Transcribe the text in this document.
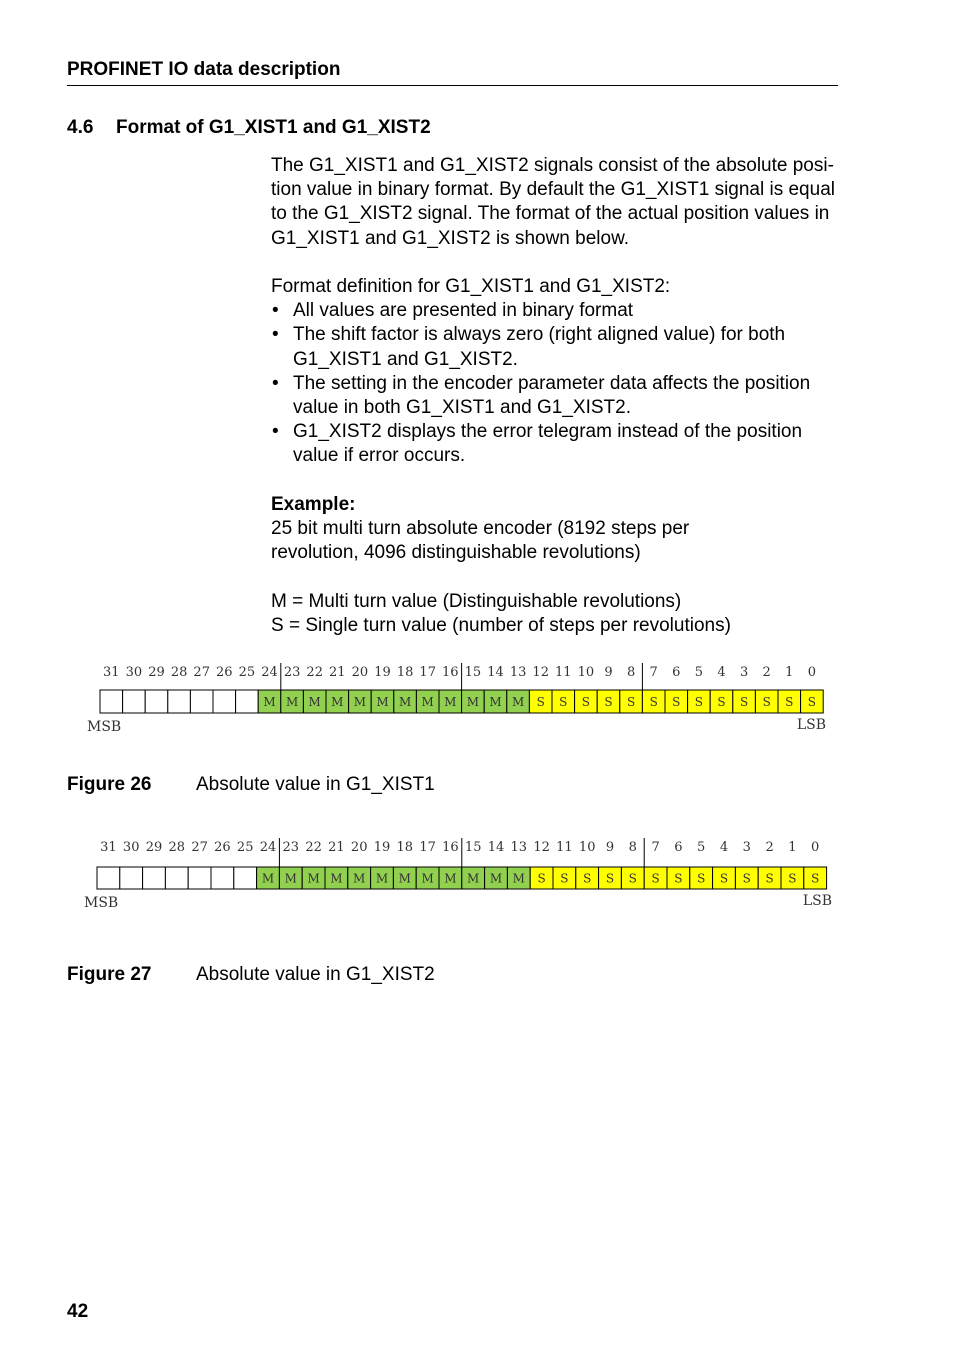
PROFINET IO data description
4.6 Format of G1_XIST1 and G1_XIST2

The G1_XIST1 and G1_XIST2 signals consist of the absolute posi-tion value in binary format. By default the G1_XIST1 signal is equal to the G1_XIST2 signal. The format of the actual position values in G1_XIST1 and G1_XIST2 is shown below.

Format definition for G1_XIST1 and G1_XIST2:

• All values are presented in binary format
• The shift factor is always zero (right aligned value) for both G1_XIST1 and G1_XIST2.
• The setting in the encoder parameter data affects the position value in both G1_XIST1 and G1_XIST2.
• G1_XIST2 displays the error telegram instead of the position value if error occurs.

Example:

25 bit multi turn absolute encoder (8192 steps per revolution, 4096 distinguishable revolutions)

M = Multi turn value (Distinguishable revolutions)

S = Single turn value (number of steps per revolutions)

31 30 29 28 27 26 25 24 23 22 21 20 19 18 17 16 15 14 13 12 11 10 9 8 7 6 5 4 3 2 1 0
M M M M M M M M M M M M S S S S S S S S S S S S S
MSB	LSB
Figure 26 Absolute value in G1_XIST1
31 30 29 28 27 26 25 24 23 22 21 20 19 18 17 16 15 14 13 12 11 10 9 8 7 6 5 4 3 2 1 0
M M M M M M M M M M M M S S S S S S S S S S S S S
MSB	LSB
Figure 27 Absolute value in G1_XIST2
42
